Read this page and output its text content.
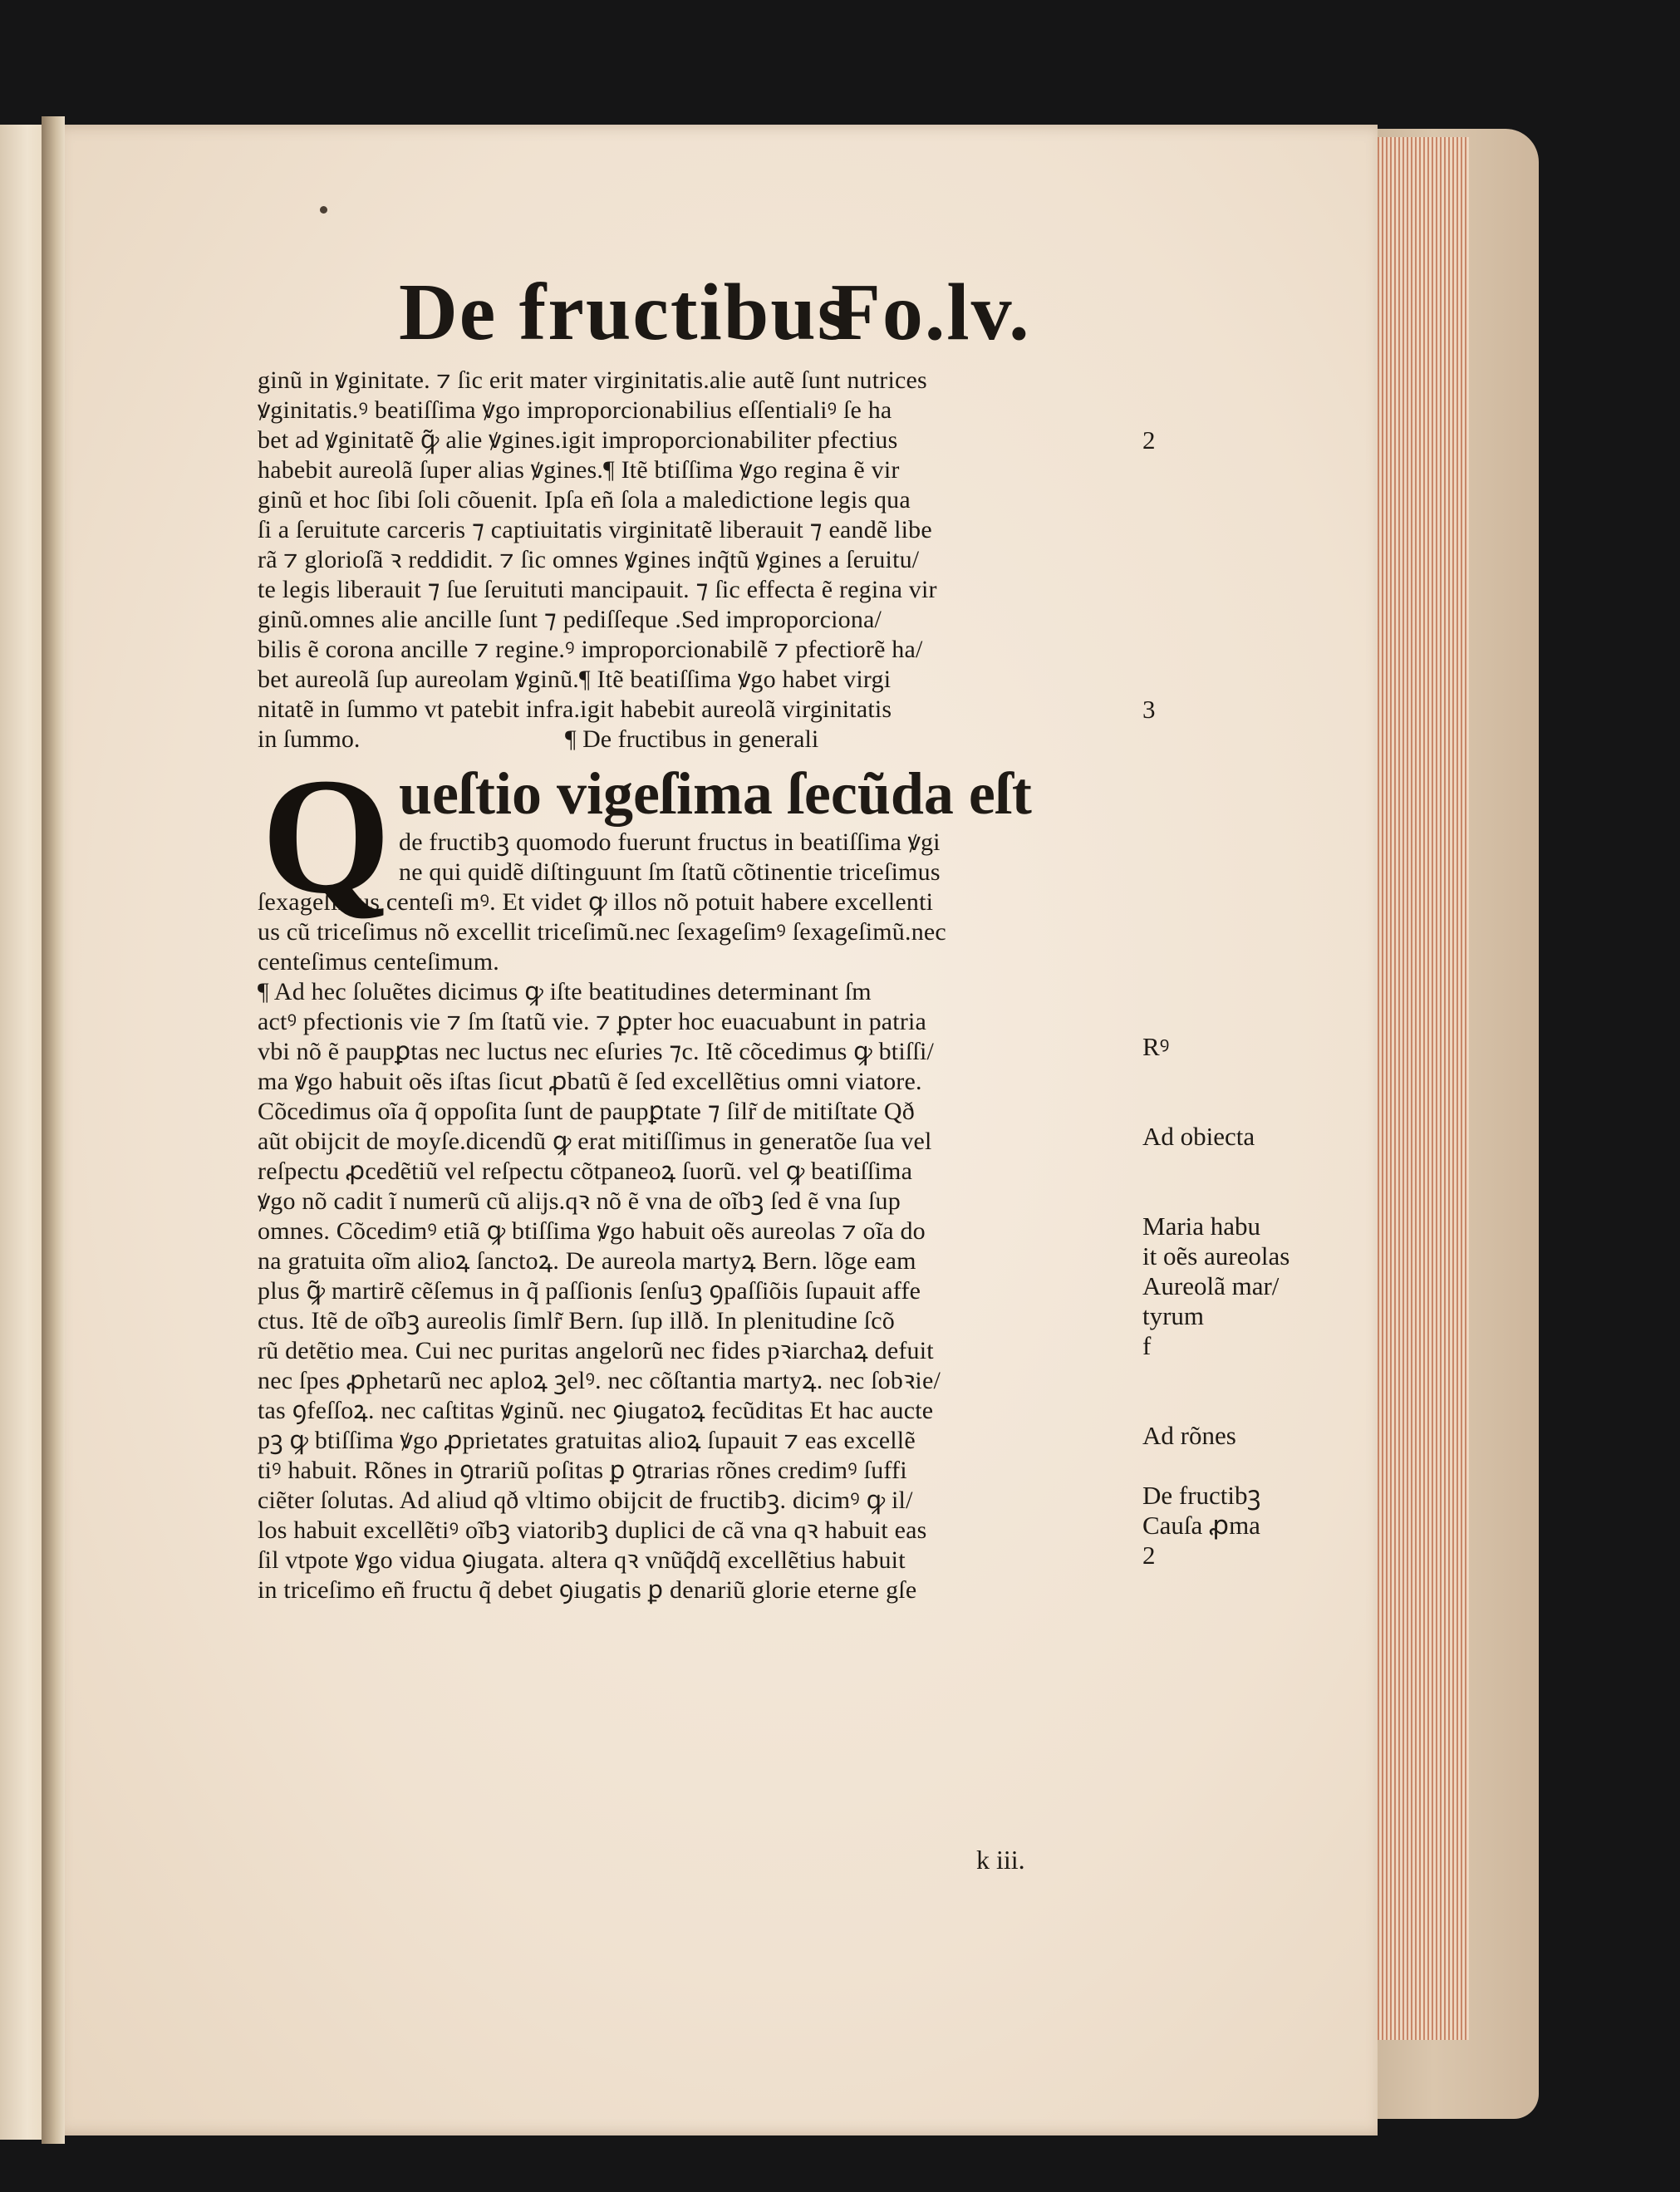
De fructibus
Fo.lv.
ginũ in ꝟginitate. ⁊ ſic erit mater virginitatis.alie autẽ ſunt nutrices
ꝟginitatis.ꝰ beatiſſima ꝟgo improporcionabilius eſſentialiꝰ ſe ha
bet ad ꝟginitatẽ ꝙ̃ alie ꝟgines.igit improporcionabiliter pfectius
habebit aureolã ſuper alias ꝟgines.¶ Itẽ btiſſima ꝟgo regina ẽ vir
ginũ et hoc ſibi ſoli cõuenit. Ipſa eñ ſola a maledictione legis qua
ſi a ſeruitute carceris ⁊ captiuitatis virginitatẽ liberauit ⁊ eandẽ libe
rã ⁊ glorioſã ꝛ reddidit. ⁊ ſic omnes ꝟgines inq̃tũ ꝟgines a ſeruitu/
te legis liberauit ⁊ ſue ſeruituti mancipauit. ⁊ ſic effecta ẽ regina vir
ginũ.omnes alie ancille ſunt ⁊ pediſſeque .Sed improporciona/
bilis ẽ corona ancille ⁊ regine.ꝰ improporcionabilẽ ⁊ pfectiorẽ ha/
bet aureolã ſup aureolam ꝟginũ.¶ Itẽ beatiſſima ꝟgo habet virgi
nitatẽ in ſummo vt patebit infra.igit habebit aureolã virginitatis
in ſummo.	¶ De fructibus in generali
Q ueſtio vigeſima ſecũda eſt
de fructibꝫ quomodo fuerunt fructus in beatiſſima ꝟgi
ne qui quidẽ diſtinguunt ſm ſtatũ cõtinentie triceſimus
ſexageſimus centeſi mꝰ. Et videt ꝙ illos nõ potuit habere excellenti
us cũ triceſimus nõ excellit triceſimũ.nec ſexageſimꝰ ſexageſimũ.nec
centeſimus centeſimum.
¶ Ad hec ſoluẽtes dicimus ꝙ iſte beatitudines determinant ſm
actꝰ pfectionis vie ⁊ ſm ſtatũ vie. ⁊ ꝑpter hoc euacuabunt in patria
vbi nõ ẽ paupꝑtas nec luctus nec eſuries ⁊c. Itẽ cõcedimus ꝙ btiſſi/
ma ꝟgo habuit oẽs iſtas ſicut ꝓbatũ ẽ ſed excellẽtius omni viatore.
Cõcedimus oĩa q̃ oppoſita ſunt de paupꝑtate ⁊ ſilr̃ de mitiſtate Qð
aũt obijcit de moyſe.dicendũ ꝙ erat mitiſſimus in generatõe ſua vel
reſpectu ꝓcedẽtiũ vel reſpectu cõtpaneoꝝ ſuorũ. vel ꝙ beatiſſima
ꝟgo nõ cadit ĩ numerũ cũ alijs.qꝛ nõ ẽ vna de oĩbꝫ ſed ẽ vna ſup
omnes. Cõcedimꝰ etiã ꝙ btiſſima ꝟgo habuit oẽs aureolas ⁊ oĩa do
na gratuita oĩm alioꝝ ſanctoꝝ. De aureola martyꝝ Bern. lõge eam
plus ꝙ̃ martirẽ cẽſemus in q̃ paſſionis ſenſuꝫ ꝯpaſſiõis ſupauit affe
ctus. Itẽ de oĩbꝫ aureolis ſimlr̃ Bern. ſup illð. In plenitudine ſcõ
rũ detẽtio mea. Cui nec puritas angelorũ nec fides pꝛiarchaꝝ defuit
nec ſpes ꝓphetarũ nec aploꝝ ꝫelꝰ. nec cõſtantia martyꝝ. nec ſobꝛie/
tas ꝯfeſſoꝝ. nec caſtitas ꝟginũ. nec ꝯiugatoꝝ fecũditas Et hac aucte
pꝫ ꝙ btiſſima ꝟgo ꝓprietates gratuitas alioꝝ ſupauit ⁊ eas excellẽ
tiꝰ habuit. Rõnes in ꝯtrariũ poſitas ꝑ ꝯtrarias rõnes credimꝰ ſuffi
ciẽter ſolutas. Ad aliud qð vltimo obijcit de fructibꝫ. dicimꝰ ꝙ il/
los habuit excellẽtiꝰ oĩbꝫ viatoribꝫ duplici de cã vna qꝛ habuit eas
ſil vtpote ꝟgo vidua ꝯiugata. altera qꝛ vnũq̃dq̃ excellẽtius habuit
in triceſimo eñ fructu q̃ debet ꝯiugatis ꝑ denariũ glorie eterne gſe
2
3
Rꝰ
Ad obiecta
Maria habu
it oẽs aureolas
Aureolã mar/
tyrum
f
Ad rõnes
De fructibꝫ
Cauſa ꝓma
2
k iii.
